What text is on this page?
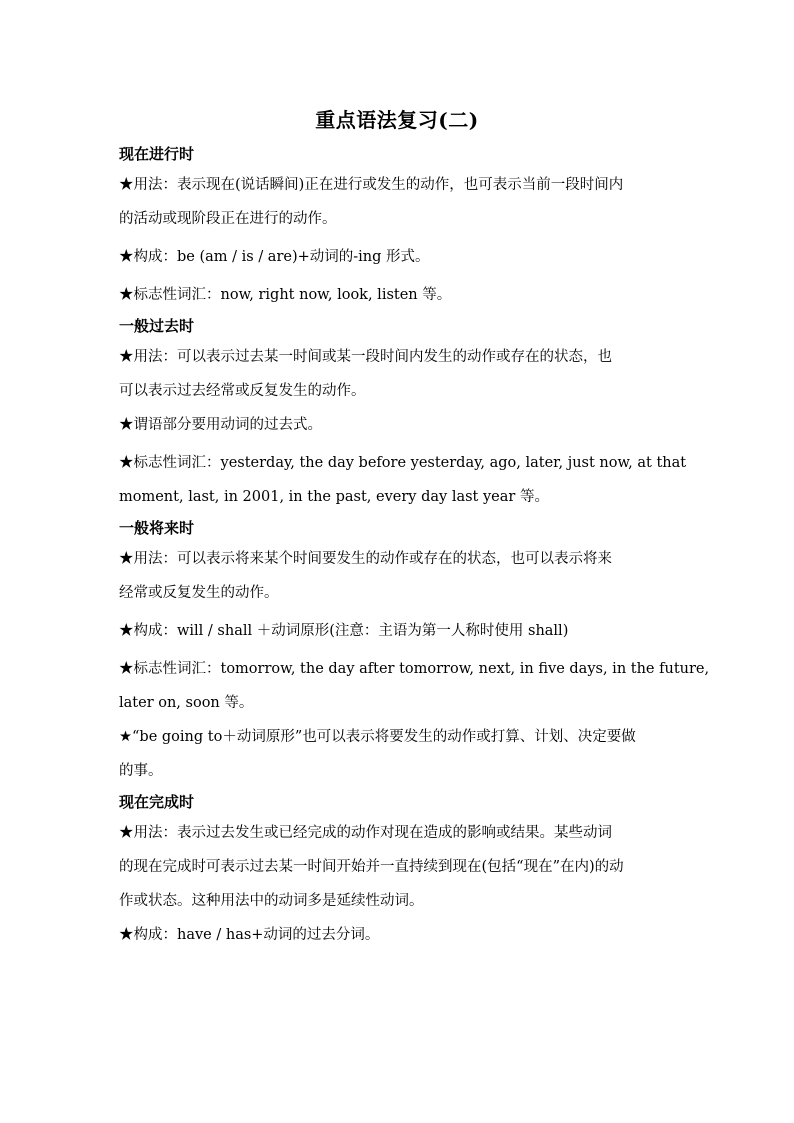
重点语法复习(二)
现在进行时

★用法：表示现在(说话瞬间)正在进行或发生的动作，也可表示当前一段时间内
的活动或现阶段正在进行的动作。

★构成：be (am / is / are)+动词的-ing 形式。

★标志性词汇：now, right now, look, listen 等。

一般过去时

★用法：可以表示过去某一时间或某一段时间内发生的动作或存在的状态，也
可以表示过去经常或反复发生的动作。

★谓语部分要用动词的过去式。

★标志性词汇：yesterday, the day before yesterday, ago, later, just now, at that
moment, last, in 2001, in the past, every day last year 等。

一般将来时

★用法：可以表示将来某个时间要发生的动作或存在的状态，也可以表示将来
经常或反复发生的动作。

★构成：will / shall ＋动词原形(注意：主语为第一人称时使用 shall)

★标志性词汇：tomorrow, the day after tomorrow, next, in five days, in the future,
later on, soon 等。

★“be going to＋动词原形”也可以表示将要发生的动作或打算、计划、决定要做
的事。

现在完成时

★用法：表示过去发生或已经完成的动作对现在造成的影响或结果。某些动词
的现在完成时可表示过去某一时间开始并一直持续到现在(包括“现在”在内)的动
作或状态。这种用法中的动词多是延续性动词。

★构成：have / has+动词的过去分词。
